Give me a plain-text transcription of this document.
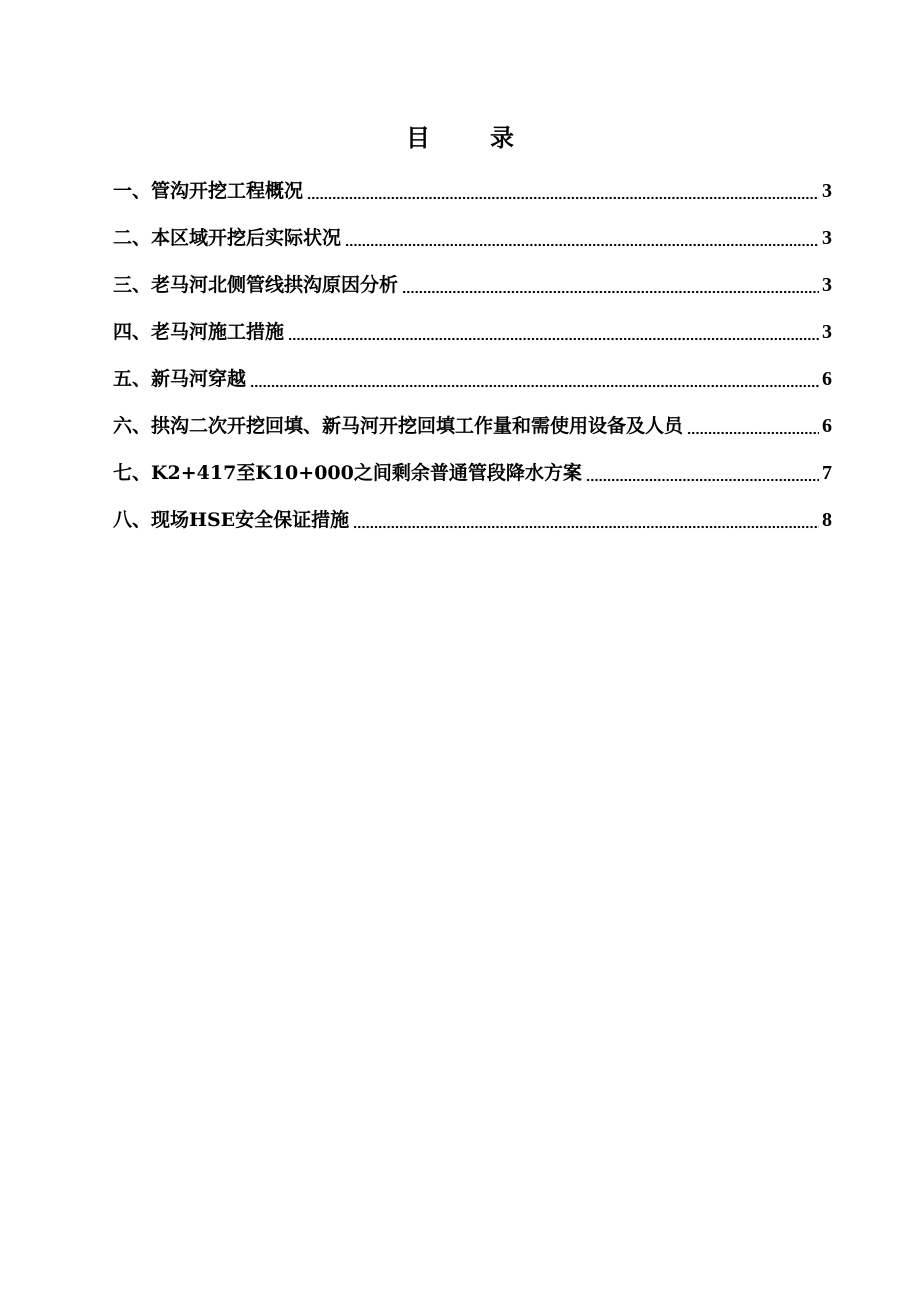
目	录
一、管沟开挖工程概况	3
二、本区域开挖后实际状况	3
三、老马河北侧管线拱沟原因分析	3
四、老马河施工措施	3
五、新马河穿越	6
六、拱沟二次开挖回填、新马河开挖回填工作量和需使用设备及人员	6
七、K2+417至K10+000之间剩余普通管段降水方案	7
八、现场HSE安全保证措施	8
